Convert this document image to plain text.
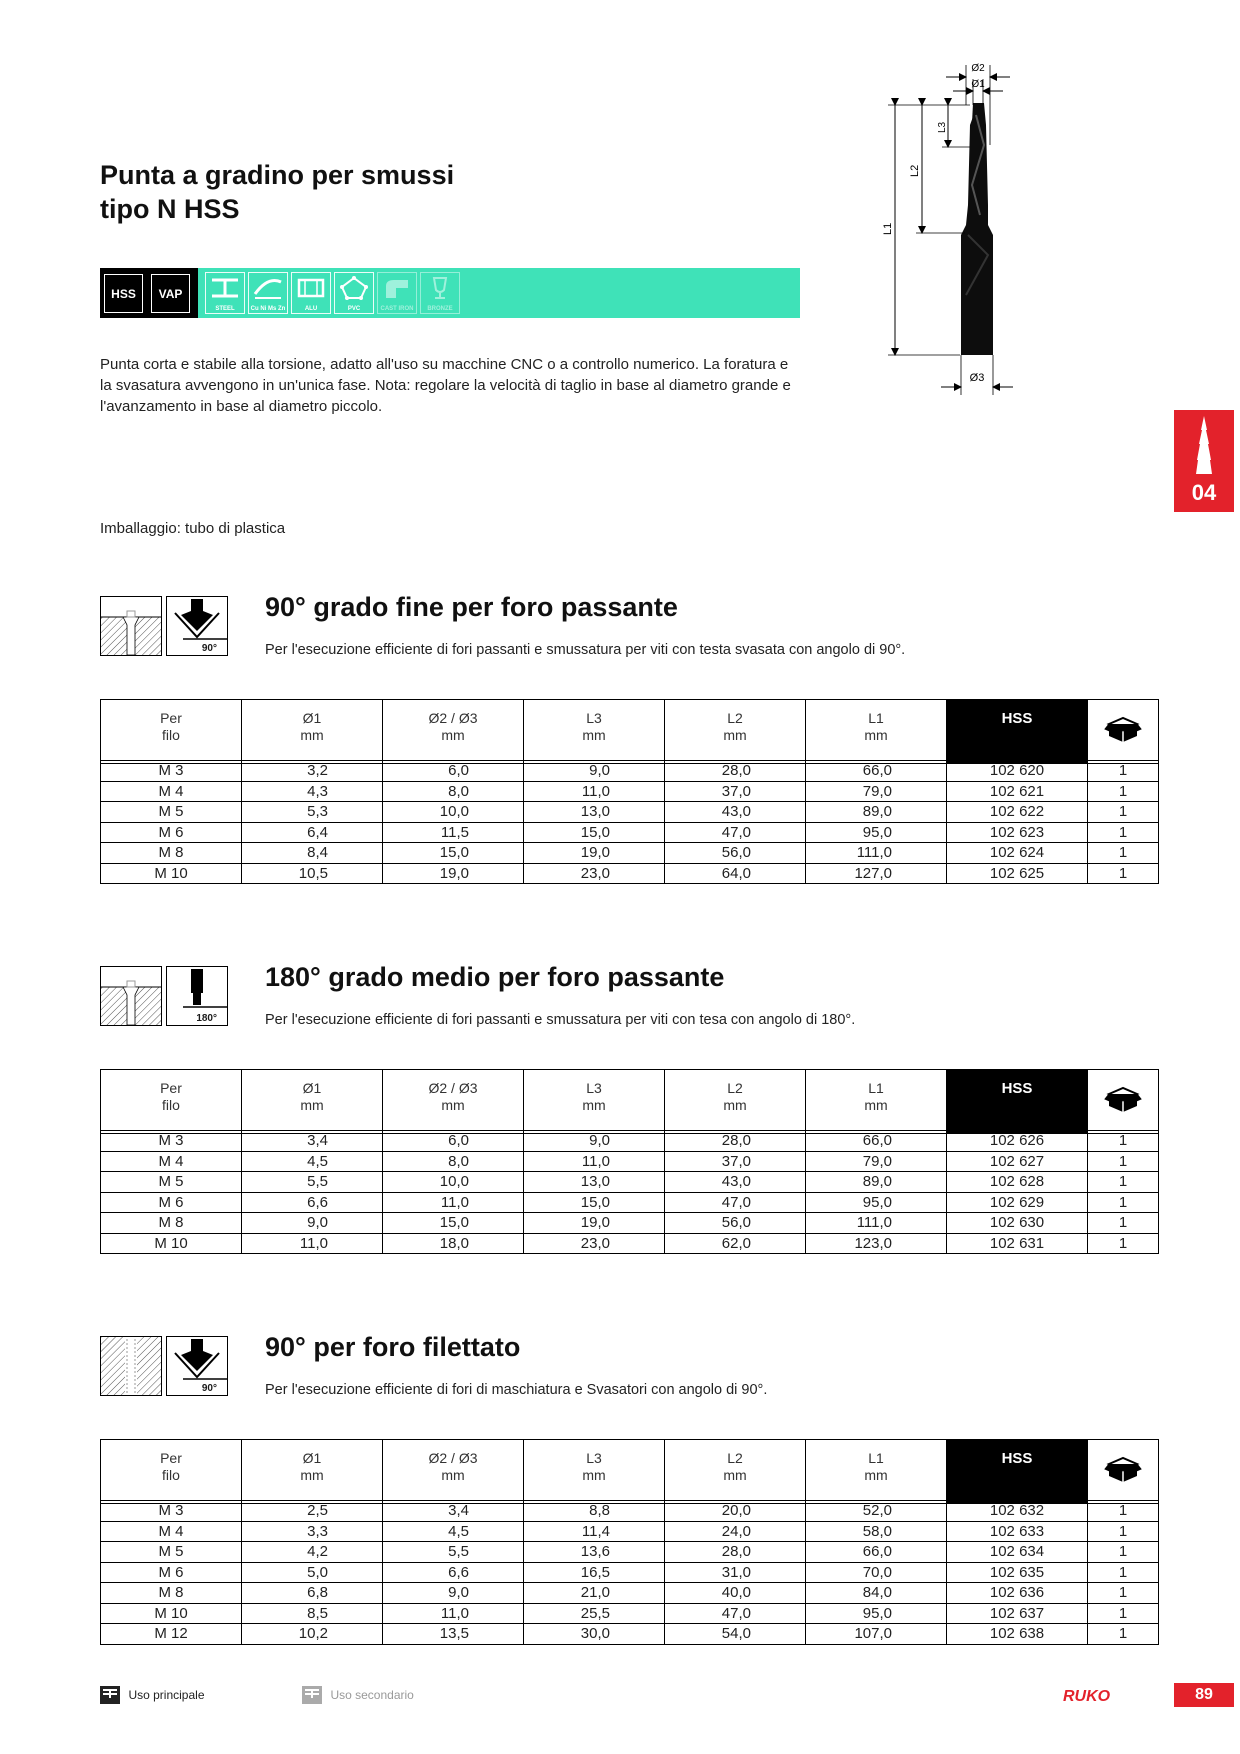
Punta a gradino per smussi
tipo N HSS
HSS	VAP
STEEL	Cu Ni Ms Zn	ALU	PVC	CAST IRON	BRONZE
Punta corta e stabile alla torsione, adatto all'uso su macchine CNC o a controllo numerico. La foratura e la svasatura avvengono in un'unica fase. Nota: regolare la velocità di taglio in base al diametro grande e l'avanzamento in base al diametro piccolo.
Imballaggio: tubo di plastica
Ø2
Ø1
Ø3
L1
L2
L3
04
90°
90° grado fine per foro passante
Per l'esecuzione efficiente di fori passanti e smussatura per viti con testa svasata con angolo di 90°.
Per
filo

Ø1
mm

Ø2 / Ø3
mm

L3
mm

L2
mm

L1
mm
	HSS	
M 3	3,2	6,0	9,0	28,0	66,0	102 620	1
M 4	4,3	8,0	11,0	37,0	79,0	102 621	1
M 5	5,3	10,0	13,0	43,0	89,0	102 622	1
M 6	6,4	11,5	15,0	47,0	95,0	102 623	1
M 8	8,4	15,0	19,0	56,0	111,0	102 624	1
M 10	10,5	19,0	23,0	64,0	127,0	102 625	1
180°
180° grado medio per foro passante
Per l'esecuzione efficiente di fori passanti e smussatura per viti con tesa con angolo di 180°.
Per
filo

Ø1
mm

Ø2 / Ø3
mm

L3
mm

L2
mm

L1
mm
	HSS	
M 3	3,4	6,0	9,0	28,0	66,0	102 626	1
M 4	4,5	8,0	11,0	37,0	79,0	102 627	1
M 5	5,5	10,0	13,0	43,0	89,0	102 628	1
M 6	6,6	11,0	15,0	47,0	95,0	102 629	1
M 8	9,0	15,0	19,0	56,0	111,0	102 630	1
M 10	11,0	18,0	23,0	62,0	123,0	102 631	1
90°
90° per foro filettato
Per l'esecuzione efficiente di fori di maschiatura e Svasatori con angolo di 90°.
Per
filo

Ø1
mm

Ø2 / Ø3
mm

L3
mm

L2
mm

L1
mm
	HSS	
M 3	2,5	3,4	8,8	20,0	52,0	102 632	1
M 4	3,3	4,5	11,4	24,0	58,0	102 633	1
M 5	4,2	5,5	13,6	28,0	66,0	102 634	1
M 6	5,0	6,6	16,5	31,0	70,0	102 635	1
M 8	6,8	9,0	21,0	40,0	84,0	102 636	1
M 10	8,5	11,0	25,5	47,0	95,0	102 637	1
M 12	10,2	13,5	30,0	54,0	107,0	102 638	1
Uso principale	Uso secondario	RUKO	89
